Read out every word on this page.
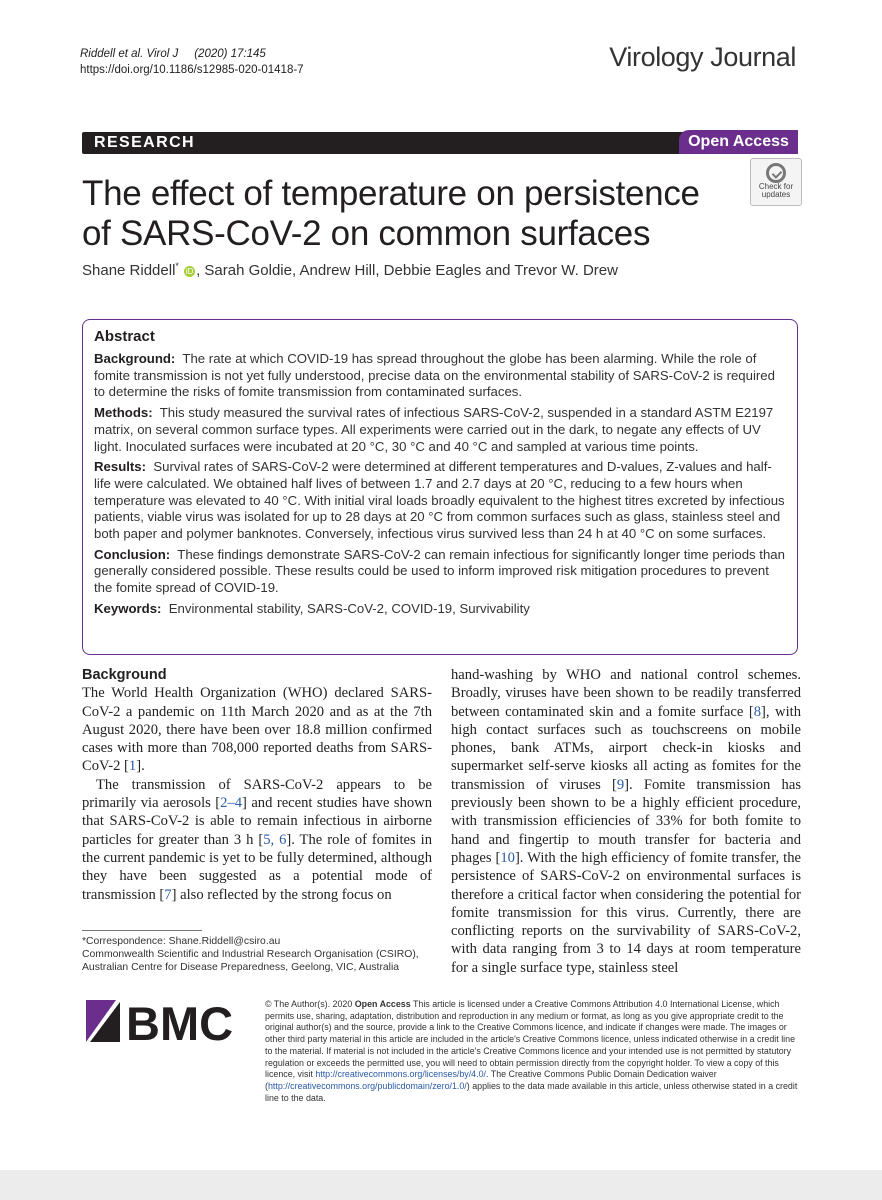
Riddell et al. Virol J (2020) 17:145
https://doi.org/10.1186/s12985-020-01418-7	Virology Journal
RESEARCH	Open Access
The effect of temperature on persistence of SARS-CoV-2 on common surfaces
Check for
updates
Shane Riddell* iD , Sarah Goldie, Andrew Hill, Debbie Eagles and Trevor W. Drew
Abstract

Background: The rate at which COVID-19 has spread throughout the globe has been alarming. While the role of fomite transmission is not yet fully understood, precise data on the environmental stability of SARS-CoV-2 is required to determine the risks of fomite transmission from contaminated surfaces.

Methods: This study measured the survival rates of infectious SARS-CoV-2, suspended in a standard ASTM E2197 matrix, on several common surface types. All experiments were carried out in the dark, to negate any effects of UV light. Inoculated surfaces were incubated at 20 °C, 30 °C and 40 °C and sampled at various time points.

Results: Survival rates of SARS-CoV-2 were determined at different temperatures and D-values, Z-values and half-life were calculated. We obtained half lives of between 1.7 and 2.7 days at 20 °C, reducing to a few hours when temperature was elevated to 40 °C. With initial viral loads broadly equivalent to the highest titres excreted by infectious patients, viable virus was isolated for up to 28 days at 20 °C from common surfaces such as glass, stainless steel and both paper and polymer banknotes. Conversely, infectious virus survived less than 24 h at 40 °C on some surfaces.

Conclusion: These findings demonstrate SARS-CoV-2 can remain infectious for significantly longer time periods than generally considered possible. These results could be used to inform improved risk mitigation procedures to prevent the fomite spread of COVID-19.

Keywords: Environmental stability, SARS-CoV-2, COVID-19, Survivability

Background

The World Health Organization (WHO) declared SARS-CoV-2 a pandemic on 11th March 2020 and as at the 7th August 2020, there have been over 18.8 million confirmed cases with more than 708,000 reported deaths from SARS-CoV-2 [1].

The transmission of SARS-CoV-2 appears to be primarily via aerosols [2–4] and recent studies have shown that SARS-CoV-2 is able to remain infectious in airborne particles for greater than 3 h [5, 6]. The role of fomites in the current pandemic is yet to be fully determined, although they have been suggested as a potential mode of transmission [7] also reflected by the strong focus on

hand-washing by WHO and national control schemes. Broadly, viruses have been shown to be readily transferred between contaminated skin and a fomite surface [8], with high contact surfaces such as touchscreens on mobile phones, bank ATMs, airport check-in kiosks and supermarket self-serve kiosks all acting as fomites for the transmission of viruses [9]. Fomite transmission has previously been shown to be a highly efficient procedure, with transmission efficiencies of 33% for both fomite to hand and fingertip to mouth transfer for bacteria and phages [10]. With the high efficiency of fomite transfer, the persistence of SARS-CoV-2 on environmental surfaces is therefore a critical factor when considering the potential for fomite transmission for this virus. Currently, there are conflicting reports on the survivability of SARS-CoV-2, with data ranging from 3 to 14 days at room temperature for a single surface type, stainless steel

*Correspondence: Shane.Riddell@csiro.au
Commonwealth Scientific and Industrial Research Organisation (CSIRO),
Australian Centre for Disease Preparedness, Geelong, VIC, Australia
BMC	© The Author(s). 2020 Open Access This article is licensed under a Creative Commons Attribution 4.0 International License, which permits use, sharing, adaptation, distribution and reproduction in any medium or format, as long as you give appropriate credit to the original author(s) and the source, provide a link to the Creative Commons licence, and indicate if changes were made. The images or other third party material in this article are included in the article's Creative Commons licence, unless indicated otherwise in a credit line to the material. If material is not included in the article's Creative Commons licence and your intended use is not permitted by statutory regulation or exceeds the permitted use, you will need to obtain permission directly from the copyright holder. To view a copy of this licence, visit http://creativecommons.org/licenses/by/4.0/. The Creative Commons Public Domain Dedication waiver (http://creativecommons.org/publicdomain/zero/1.0/) applies to the data made available in this article, unless otherwise stated in a credit line to the data.
